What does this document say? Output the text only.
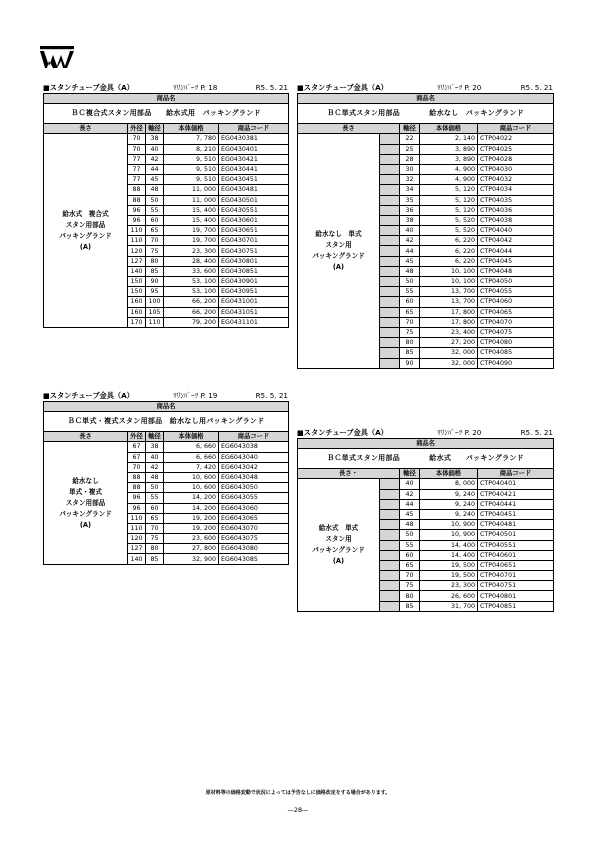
■スタンチューブ金具（A）	ﾏﾘﾝﾊﾟｰﾂ P. 18	R5. 5. 21
商品名				
ＢＣ複合式スタン用部品　　給水式用　パッキングランド				
長さ	外径	軸径	本体価格	商品コード

給水式　複合式
スタン用部品
パッキングランド
(A)	70	38	7, 780	EG0430381
	70	40	8, 210	EG0430401
	77	42	9, 510	EG0430421
	77	44	9, 510	EG0430441
	77	45	9, 510	EG0430451
	88	48	11, 000	EG0430481
	88	50	11, 000	EG0430501
	96	55	15, 400	EG0430551
	96	60	15, 400	EG0430601
	110	65	19, 700	EG0430651
	110	70	19, 700	EG0430701
	120	75	23, 300	EG0430751
	127	80	28, 400	EG0430801
	140	85	33, 600	EG0430851
	150	90	53, 100	EG0430901
	150	95	53, 100	EG0430951
	160	100	66, 200	EG0431001
	160	105	66, 200	EG0431051
	170	110	79, 200	EG0431101
■スタンチューブ金具（A）	ﾏﾘﾝﾊﾟｰﾂ P. 19	R5. 5. 21
商品名				
ＢＣ単式・複式スタン用部品　給水なし用パッキングランド				
長さ	外径	軸径	本体価格	商品コード

給水なし
単式・複式
スタン用部品
パッキングランド
(A)	67	38	6, 660	EG6043038
	67	40	6, 660	EG6043040
	70	42	7, 420	EG6043042
	88	48	10, 600	EG6043048
	88	50	10, 600	EG6043050
	96	55	14, 200	EG6043055
	96	60	14, 200	EG6043060
	110	65	19, 200	EG6043065
	110	70	19, 200	EG6043070
	120	75	23, 600	EG6043075
	127	80	27, 800	EG6043080
	140	85	32, 900	EG6043085
■スタンチューブ金具（A）	ﾏﾘﾝﾊﾟｰﾂ P. 20	R5. 5. 21
商品名				
ＢＣ単式スタン用部品　　　　給水なし　パッキングランド				
長さ		軸径	本体価格	商品コード

給水なし　単式
スタン用
パッキングランド
(A)		22	2, 140	CTP04022
		25	3, 890	CTP04025
		28	3, 890	CTP04028
		30	4, 900	CTP04030
		32	4, 900	CTP04032
		34	5, 120	CTP04034
		35	5, 120	CTP04035
		36	5, 120	CTP04036
		38	5, 520	CTP04038
		40	5, 520	CTP04040
		42	6, 220	CTP04042
		44	6, 220	CTP04044
		45	6, 220	CTP04045
		48	10, 100	CTP04048
		50	10, 100	CTP04050
		55	13, 700	CTP04055
		60	13, 700	CTP04060
		65	17, 800	CTP04065
		70	17, 800	CTP04070
		75	23, 400	CTP04075
		80	27, 200	CTP04080
		85	32, 000	CTP04085
		90	32, 000	CTP04090
■スタンチューブ金具（A）	ﾏﾘﾝﾊﾟｰﾂ P. 20	R5. 5. 21
商品名				
ＢＣ単式スタン用部品　　　　給水式　　パッキングランド				
長さ・		軸径	本体価格	商品コード

給水式　単式
スタン用
パッキングランド
(A)		40	8, 000	CTP040401
		42	9, 240	CTP040421
		44	9, 240	CTP040441
		45	9, 240	CTP040451
		48	10, 900	CTP040481
		50	10, 900	CTP040501
		55	14, 400	CTP040551
		60	14, 400	CTP040601
		65	19, 500	CTP040651
		70	19, 500	CTP040701
		75	23, 300	CTP040751
		80	26, 600	CTP040801
		85	31, 700	CTP040851
原材料等の価格変動で状況によっては予告なしに価格改定をする場合があります。
—28—
